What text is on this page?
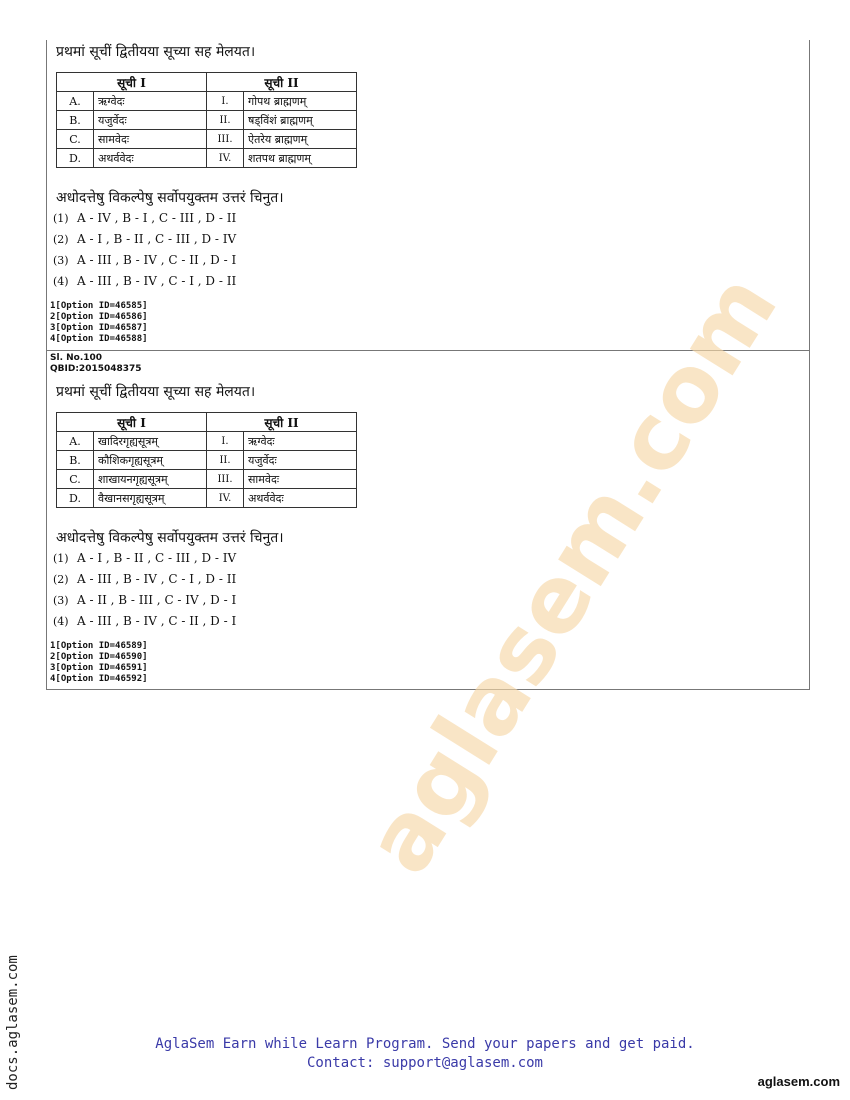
प्रथमां सूचीं द्वितीयया सूच्या सह मेलयत।
सूची I		सूची II	
A.	ऋग्वेदः	I.	गोपथ ब्राह्मणम्
B.	यजुर्वेदः	II.	षड्विंशं ब्राह्मणम्
C.	सामवेदः	III.	ऐतरेय ब्राह्मणम्
D.	अथर्ववेदः	IV.	शतपथ ब्राह्मणम्
अधोदत्तेषु विकल्पेषु सर्वोपयुक्तम उत्तरं चिनुत।
(1) A - IV , B - I , C - III , D - II
(2) A - I , B - II , C - III , D - IV
(3) A - III , B - IV , C - II , D - I
(4) A - III , B - IV , C - I , D - II
1[Option ID=46585]
2[Option ID=46586]
3[Option ID=46587]
4[Option ID=46588]
Sl. No.100
QBID:2015048375
प्रथमां सूचीं द्वितीयया सूच्या सह मेलयत।
सूची I		सूची II	
A.	खादिरगृह्यसूत्रम्	I.	ऋग्वेदः
B.	कौशिकगृह्यसूत्रम्	II.	यजुर्वेदः
C.	शाखायनगृह्यसूत्रम्	III.	सामवेदः
D.	वैखानसगृह्यसूत्रम्	IV.	अथर्ववेदः
अधोदत्तेषु विकल्पेषु सर्वोपयुक्तम उत्तरं चिनुत।
(1) A - I , B - II , C - III , D - IV
(2) A - III , B - IV , C - I , D - II
(3) A - II , B - III , C - IV , D - I
(4) A - III , B - IV , C - II , D - I
1[Option ID=46589]
2[Option ID=46590]
3[Option ID=46591]
4[Option ID=46592] aglasem.com
AglaSem Earn while Learn Program. Send your papers and get paid.
Contact: support@aglasem.com
docs.aglasem.com	aglasem.com
